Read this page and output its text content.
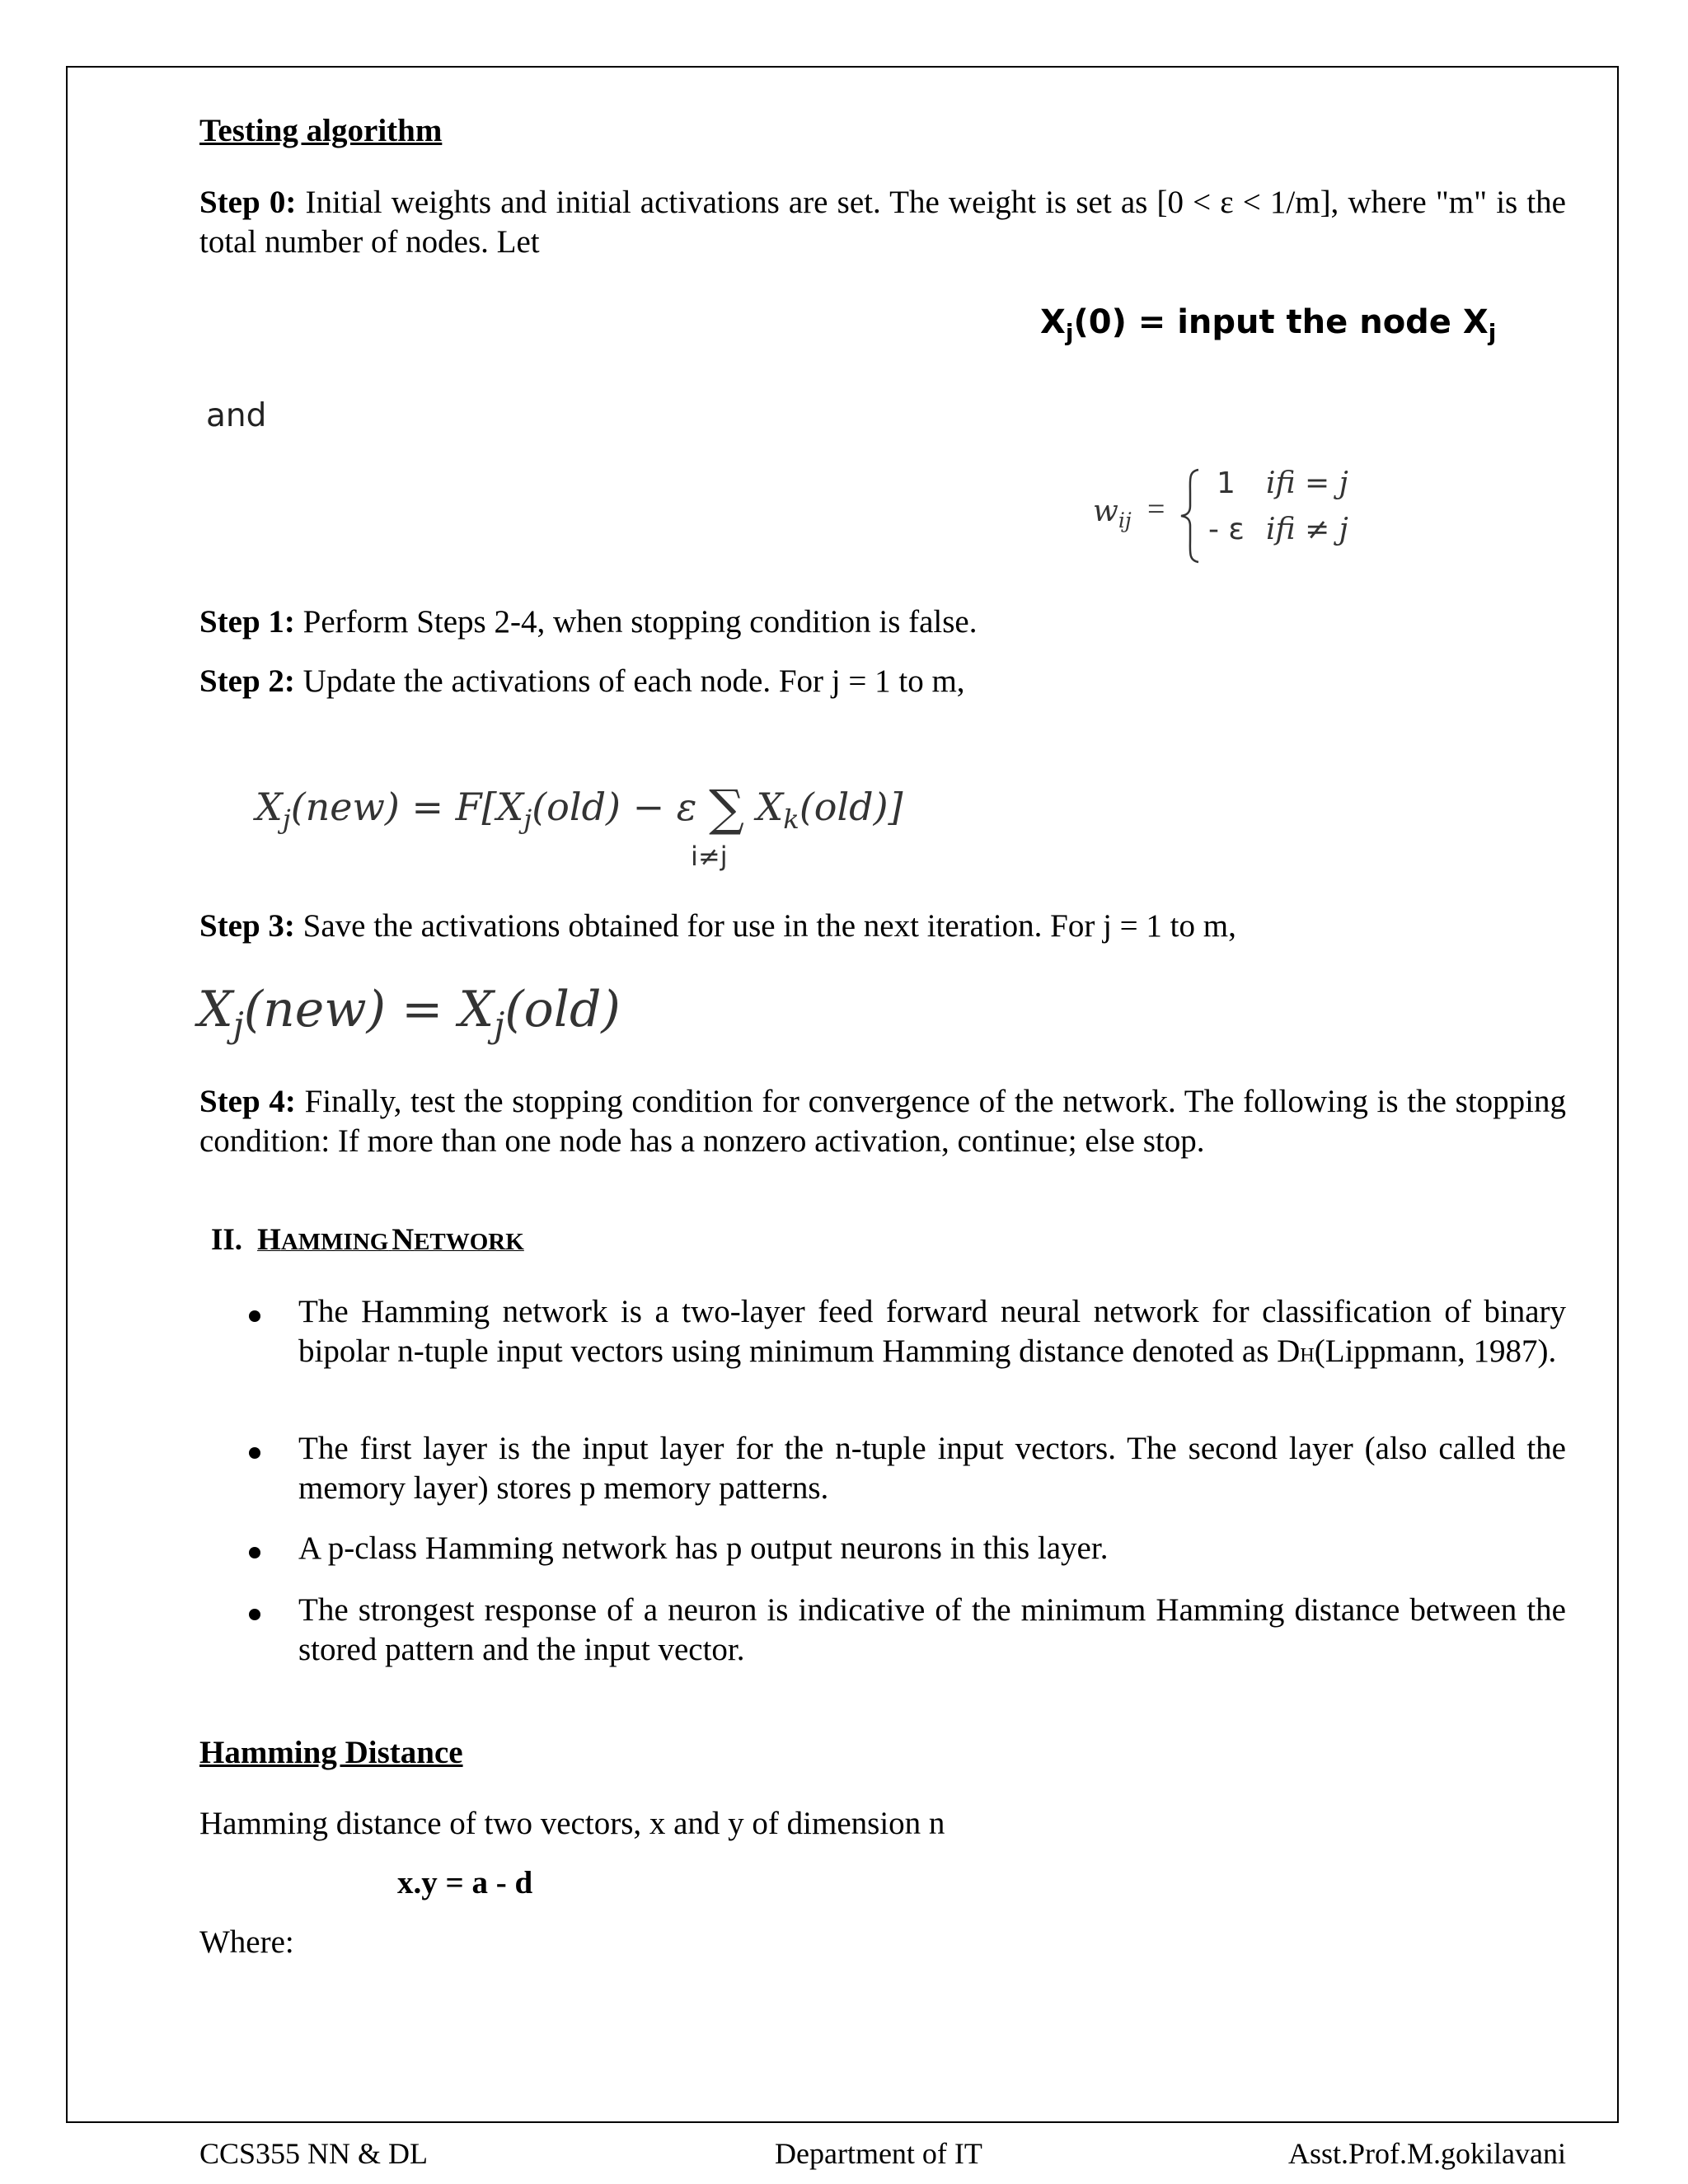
Testing algorithm
Step 0: Initial weights and initial activations are set. The weight is set as [0 < ε < 1/m], where "m" is the total number of nodes. Let
$X_j(0)$ = input the node $X_j$
and
$w_{ij}$ =
1 ifi = j
- ε ifi ≠ j
Step 1: Perform Steps 2-4, when stopping condition is false.
Step 2: Update the activations of each node. For j = 1 to m,
$X_j(new) = F[X_j(old) - \varepsilon$ ∑ $X_k(old)$]
i≠j
Step 3: Save the activations obtained for use in the next iteration. For j = 1 to m,
$X_j(new) = X_j(old)$
Step 4: Finally, test the stopping condition for convergence of the network. The following is the stopping condition: If more than one node has a nonzero activation, continue; else stop.
II. HAMMING NETWORK
The Hamming network is a two-layer feed forward neural network for classification of binary bipolar n-tuple input vectors using minimum Hamming distance denoted as DH(Lippmann, 1987).
The first layer is the input layer for the n-tuple input vectors. The second layer (also called the memory layer) stores p memory patterns.
A p-class Hamming network has p output neurons in this layer.
The strongest response of a neuron is indicative of the minimum Hamming distance between the stored pattern and the input vector.
Hamming Distance
Hamming distance of two vectors, x and y of dimension n
x.y = a - d
Where:
CCS355 NN & DL	Department of IT	Asst.Prof.M.gokilavani
